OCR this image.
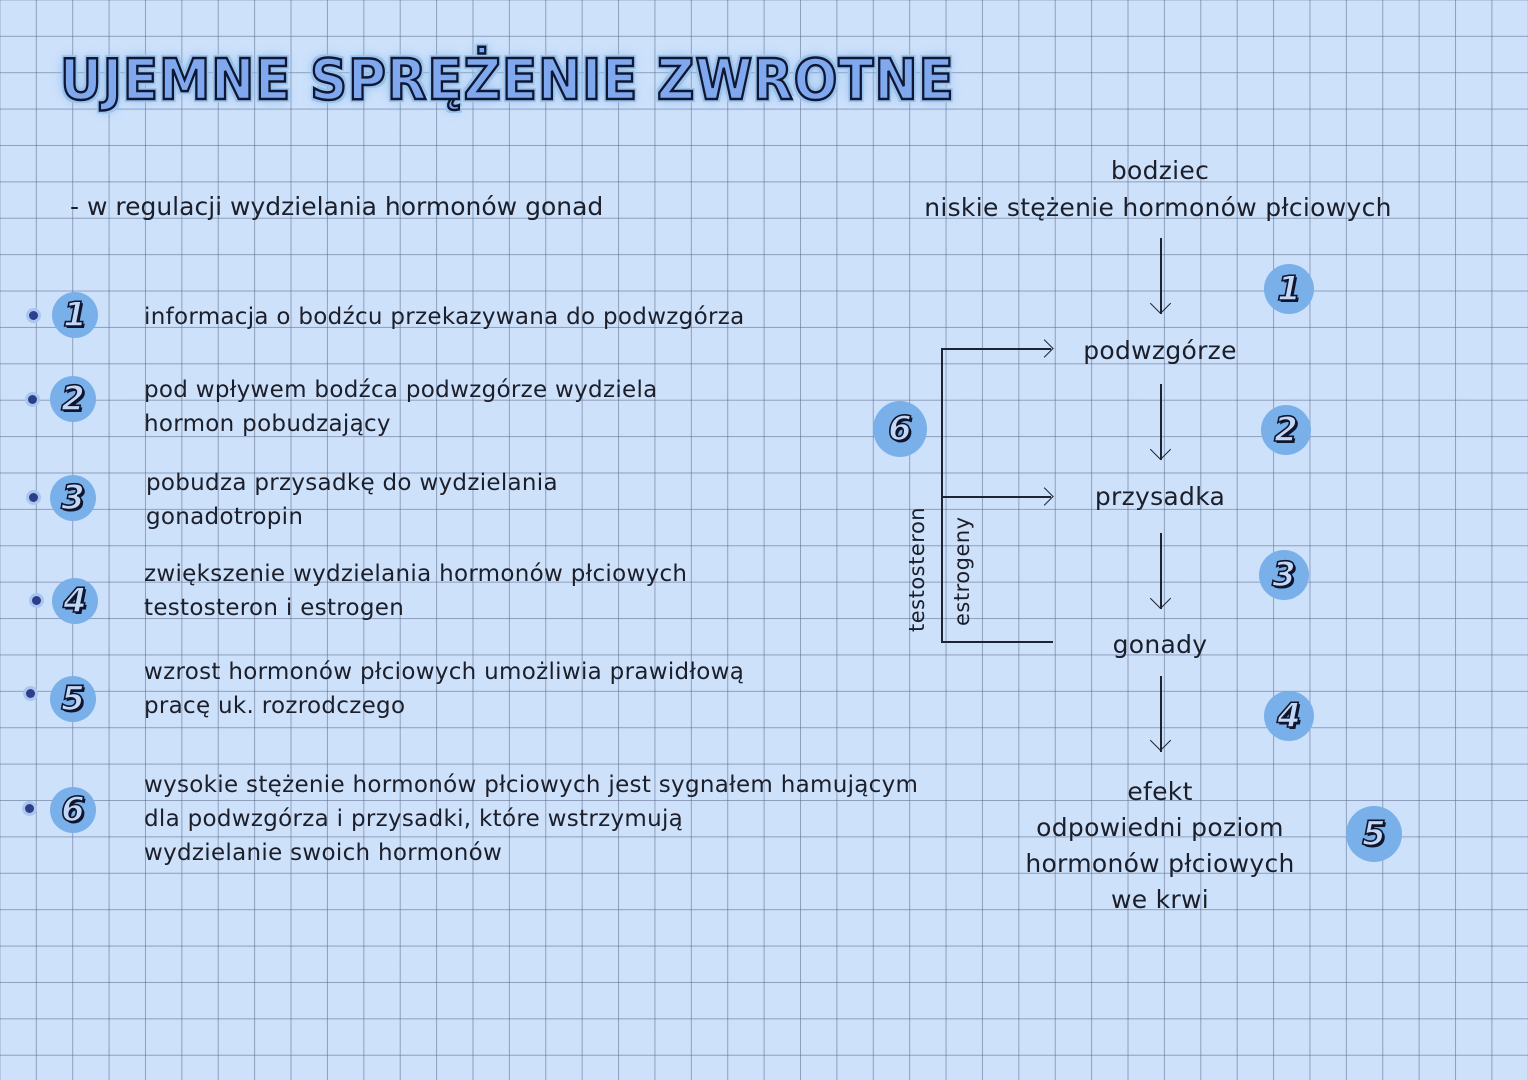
UJEMNE SPRĘŻENIE ZWROTNE
- w regulacji wydzielania hormonów gonad
1	informacja o bodźcu przekazywana do podwzgórza
2	pod wpływem bodźca podwzgórze wydziela
hormon pobudzający
3	pobudza przysadkę do wydzielania
gonadotropin
4
zwiększenie wydzielania hormonów płciowych
testosteron i estrogen
5
wzrost hormonów płciowych umożliwia prawidłową
pracę uk. rozrodczego
6
wysokie stężenie hormonów płciowych jest sygnałem hamującym
dla podwzgórza i przysadki, które wstrzymują
wydzielanie swoich hormonów
bodziec
niskie stężenie hormonów płciowych
podwzgórze
przysadka
gonady
efekt
odpowiedni poziom
hormonów płciowych
we krwi
testosteron estrogeny
1
2
3
4
5
6
